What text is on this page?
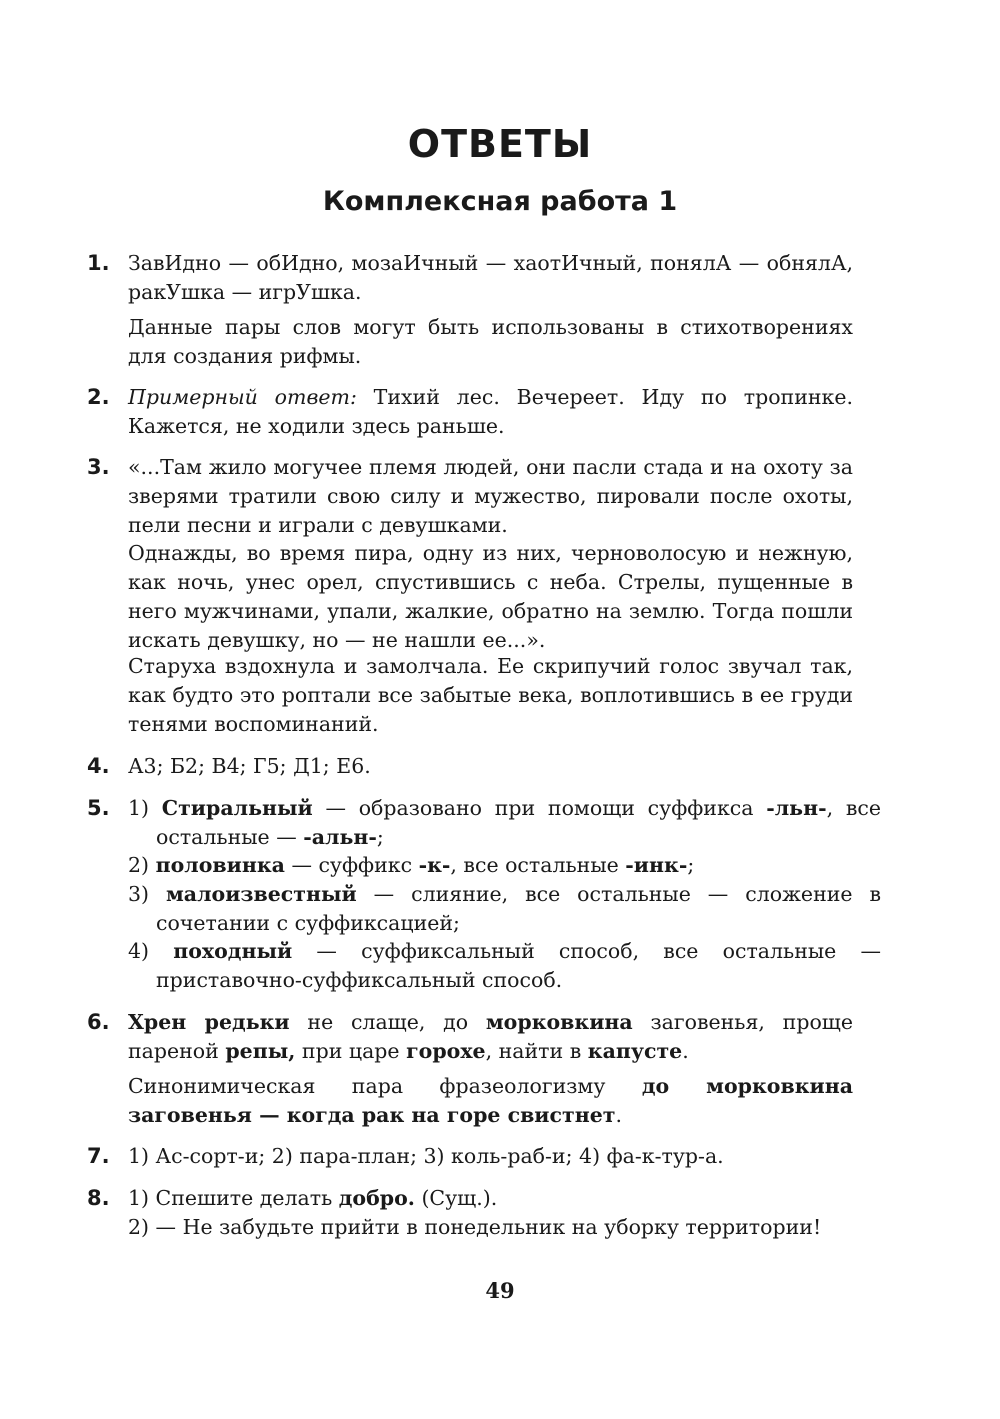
ОТВЕТЫ
Комплексная работа 1
1. ЗавИдно — обИдно, мозаИчный — хаотИчный, понялА — обнялА, ракУшка — игрУшка.

Данные пары слов могут быть использованы в стихотворениях для создания рифмы.

2. Примерный ответ: Тихий лес. Вечереет. Иду по тропинке. Кажется, не ходили здесь раньше.

3. «...Там жило могучее племя людей, они пасли стада и на охоту за зверями тратили свою силу и мужество, пировали после охоты, пели песни и играли с девушками.

Однажды, во время пира, одну из них, черноволосую и нежную, как ночь, унес орел, спустившись с неба. Стрелы, пущенные в него мужчинами, упали, жалкие, обратно на землю. Тогда пошли искать девушку, но — не нашли ее...».

Старуха вздохнула и замолчала. Ее скрипучий голос звучал так, как будто это роптали все забытые века, воплотившись в ее груди тенями воспоминаний.

4. А3; Б2; В4; Г5; Д1; Е6.

5. 1) Стиральный — образовано при помощи суффикса -льн-, все остальные — -альн-;

2) половинка — суффикс -к-, все остальные -инк-;

3) малоизвестный — слияние, все остальные — сложение в сочетании с суффиксацией;

4) походный — суффиксальный способ, все остальные — приставочно-суффиксальный способ.

6. Хрен редьки не слаще, до морковкина заговенья, проще пареной репы, при царе горохе, найти в капусте.

Синонимическая пара фразеологизму до морковкина заговенья — когда рак на горе свистнет.

7. 1) Ас-сорт-и; 2) пара-план; 3) коль-раб-и; 4) фа-к-тур-а.

8. 1) Спешите делать добро. (Сущ.).

2) — Не забудьте прийти в понедельник на уборку территории!

49
